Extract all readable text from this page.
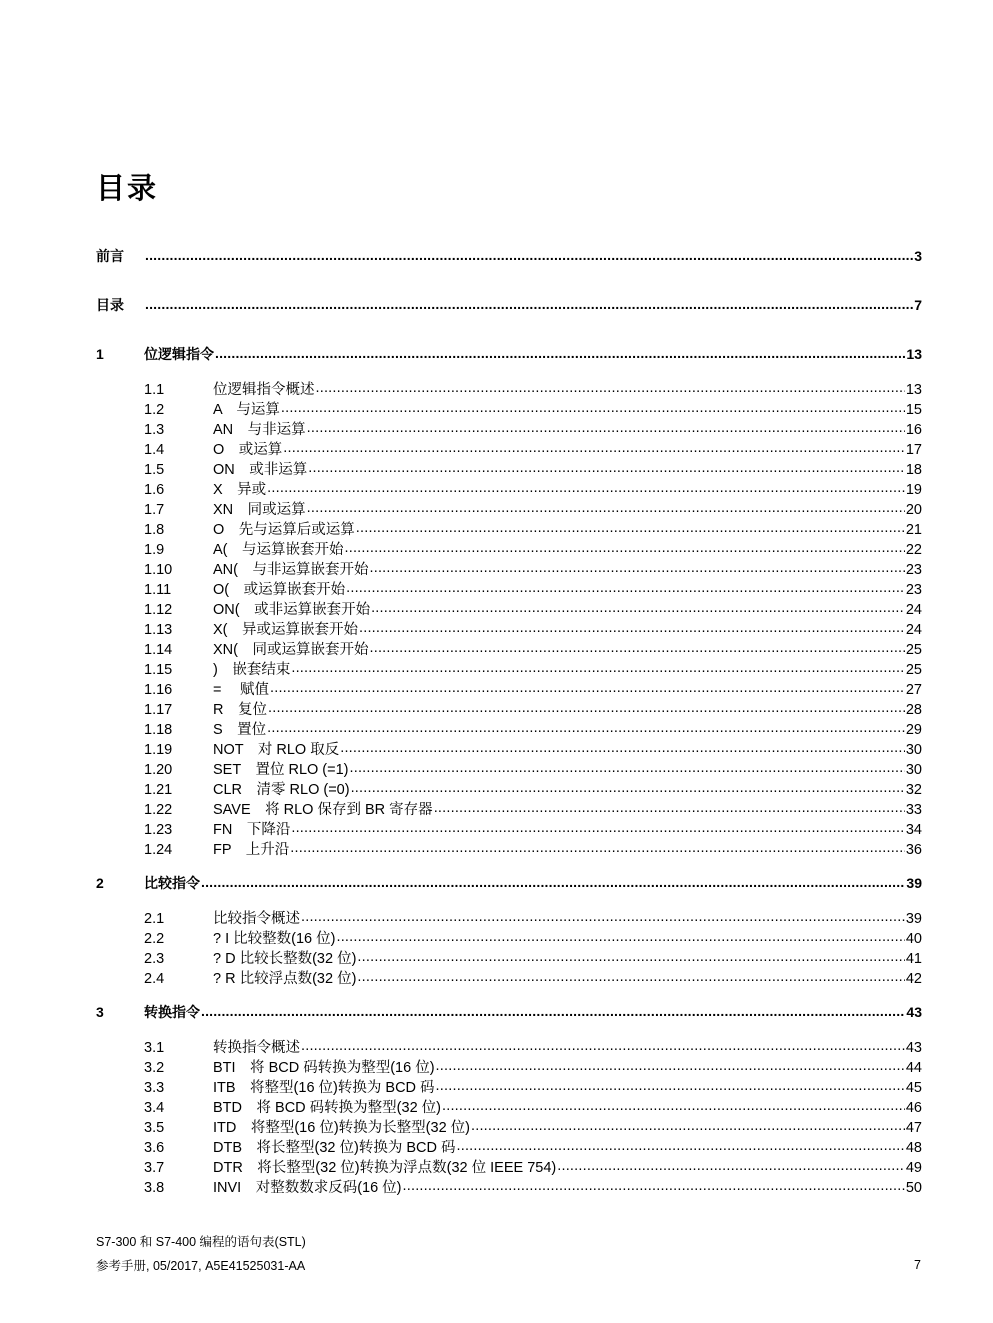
目录
前言 .....	3
目录 .....	7
1	位逻辑指令 .....	13
1.1	位逻辑指令概述 .....	13
1.2	A　与运算 .....	15
1.3	AN　与非运算 .....	16
1.4	O　或运算 .....	17
1.5	ON　或非运算 .....	18
1.6	X　异或 .....	19
1.7	XN　同或运算 .....	20
1.8	O　先与运算后或运算 .....	21
1.9	A(　与运算嵌套开始 .....	22
1.10	AN(　与非运算嵌套开始 .....	23
1.11	O(　或运算嵌套开始 .....	23
1.12	ON(　或非运算嵌套开始 .....	24
1.13	X(　异或运算嵌套开始 .....	24
1.14	XN(　同或运算嵌套开始 .....	25
1.15	)　嵌套结束 .....	25
1.16	=　 赋值 .....	27
1.17	R　复位 .....	28
1.18	S　置位 .....	29
1.19	NOT　对 RLO 取反 .....	30
1.20	SET　置位 RLO (=1) .....	30
1.21	CLR　清零 RLO (=0) .....	32
1.22	SAVE　将 RLO 保存到 BR 寄存器 .....	33
1.23	FN　下降沿 .....	34
1.24	FP　上升沿 .....	36
2	比较指令 .....	39
2.1	比较指令概述 .....	39
2.2	? I 比较整数(16 位) .....	40
2.3	? D 比较长整数(32 位) .....	41
2.4	? R 比较浮点数(32 位) .....	42
3	转换指令 .....	43
3.1	转换指令概述 .....	43
3.2	BTI　将 BCD 码转换为整型(16 位) .....	44
3.3	ITB　将整型(16 位)转换为 BCD 码 .....	45
3.4	BTD　将 BCD 码转换为整型(32 位) .....	46
3.5	ITD　将整型(16 位)转换为长整型(32 位) .....	47
3.6	DTB　将长整型(32 位)转换为 BCD 码 .....	48
3.7	DTR　将长整型(32 位)转换为浮点数(32 位 IEEE 754) .....	49
3.8	INVI　对整数数求反码(16 位) .....	50
S7-300 和 S7-400 编程的语句表(STL)
参考手册, 05/2017, A5E41525031-AA	7
